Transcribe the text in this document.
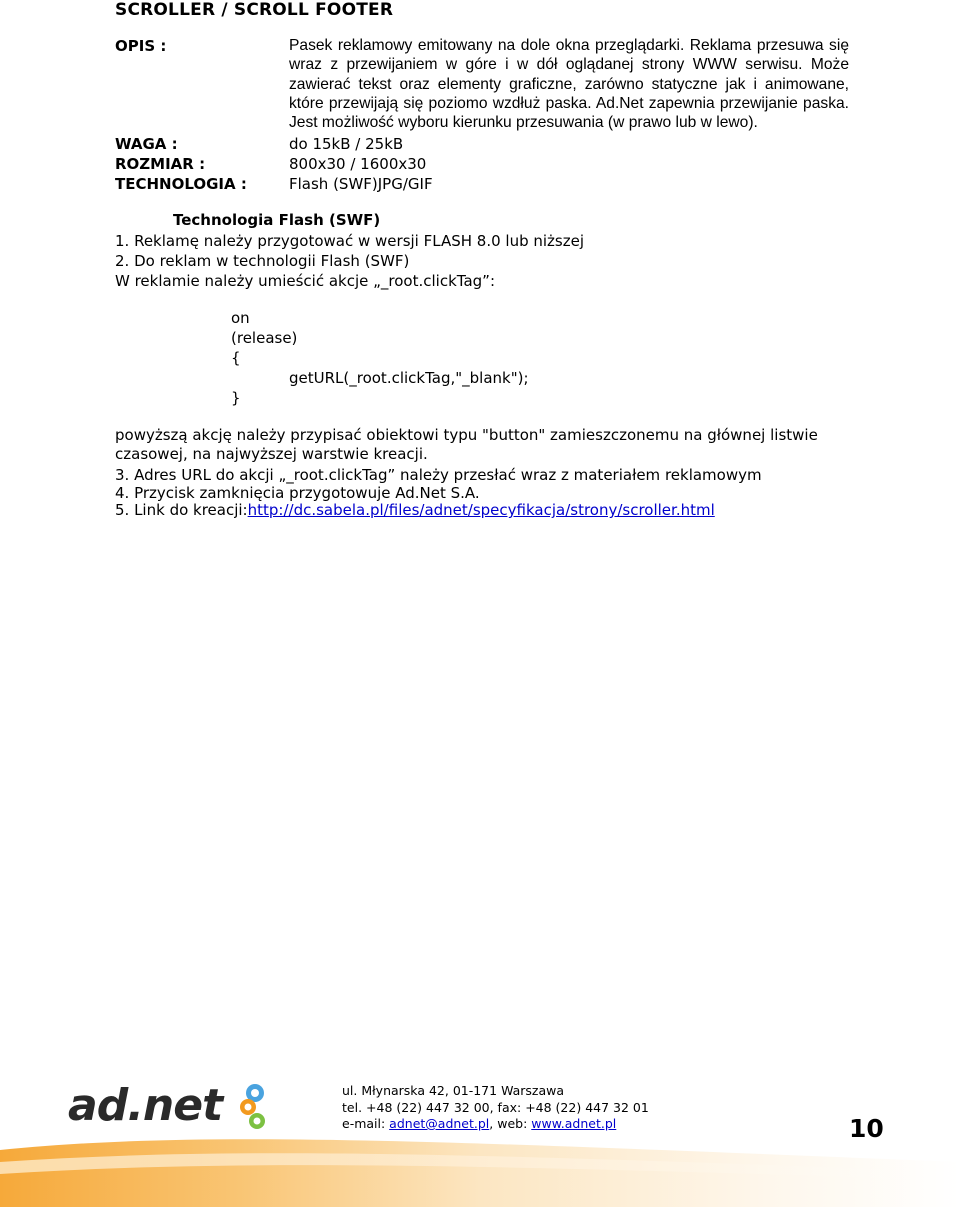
SCROLLER / SCROLL FOOTER
OPIS :	Pasek reklamowy emitowany na dole okna przeglądarki. Reklama przesuwa się wraz z przewijaniem w góre i w dół oglądanej strony WWW serwisu. Może zawierać tekst oraz elementy graficzne, zarówno statyczne jak i animowane, które przewijają się poziomo wzdłuż paska. Ad.Net zapewnia przewijanie paska. Jest możliwość wyboru kierunku przesuwania (w prawo lub w lewo).
WAGA :	do 15kB / 25kB
ROZMIAR :	800x30 / 1600x30
TECHNOLOGIA :	Flash (SWF)JPG/GIF
Technologia Flash (SWF)
1. Reklamę należy przygotować w wersji FLASH 8.0 lub niższej
2. Do reklam w technologii Flash (SWF)
W reklamie należy umieścić akcje „_root.clickTag”:
on
(release)
{
getURL(_root.clickTag,"_blank");
}
powyższą akcję należy przypisać obiektowi typu "button" zamieszczonemu na głównej listwie czasowej, na najwyższej warstwie kreacji.
3. Adres URL do akcji „_root.clickTag” należy przesłać wraz z materiałem reklamowym
4. Przycisk zamknięcia przygotowuje Ad.Net S.A.
5. Link do kreacji:http://dc.sabela.pl/files/adnet/specyfikacja/strony/scroller.html
ad.net	ul. Młynarska 42, 01-171 Warszawa
tel. +48 (22) 447 32 00, fax: +48 (22) 447 32 01
e-mail: adnet@adnet.pl, web: www.adnet.pl	10
